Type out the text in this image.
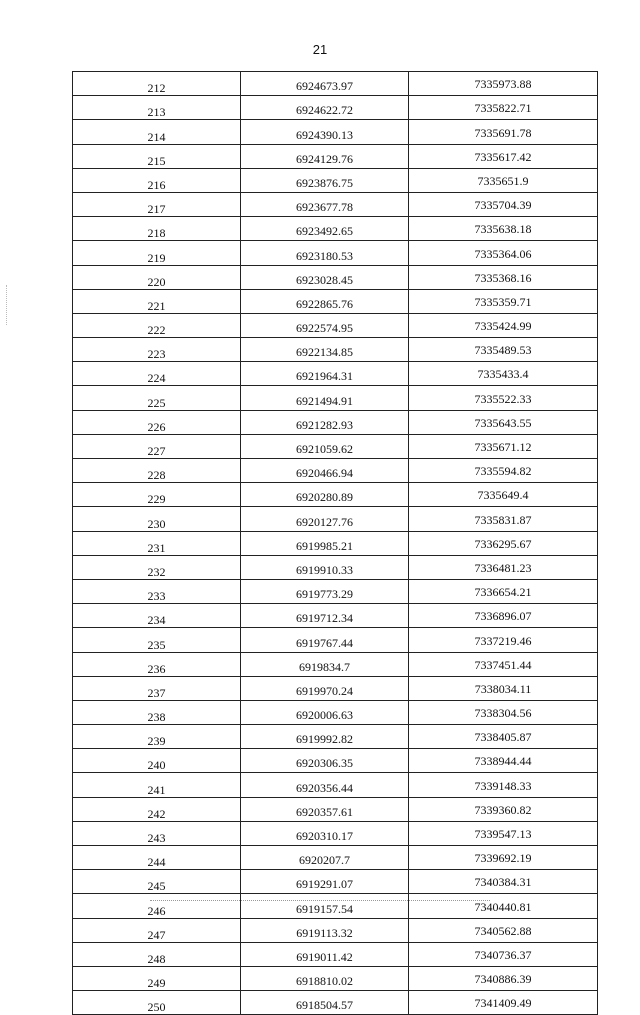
21
212	6924673.97	7335973.88
213	6924622.72	7335822.71
214	6924390.13	7335691.78
215	6924129.76	7335617.42
216	6923876.75	7335651.9
217	6923677.78	7335704.39
218	6923492.65	7335638.18
219	6923180.53	7335364.06
220	6923028.45	7335368.16
221	6922865.76	7335359.71
222	6922574.95	7335424.99
223	6922134.85	7335489.53
224	6921964.31	7335433.4
225	6921494.91	7335522.33
226	6921282.93	7335643.55
227	6921059.62	7335671.12
228	6920466.94	7335594.82
229	6920280.89	7335649.4
230	6920127.76	7335831.87
231	6919985.21	7336295.67
232	6919910.33	7336481.23
233	6919773.29	7336654.21
234	6919712.34	7336896.07
235	6919767.44	7337219.46
236	6919834.7	7337451.44
237	6919970.24	7338034.11
238	6920006.63	7338304.56
239	6919992.82	7338405.87
240	6920306.35	7338944.44
241	6920356.44	7339148.33
242	6920357.61	7339360.82
243	6920310.17	7339547.13
244	6920207.7	7339692.19
245	6919291.07	7340384.31
246	6919157.54	7340440.81
247	6919113.32	7340562.88
248	6919011.42	7340736.37
249	6918810.02	7340886.39
250	6918504.57	7341409.49
